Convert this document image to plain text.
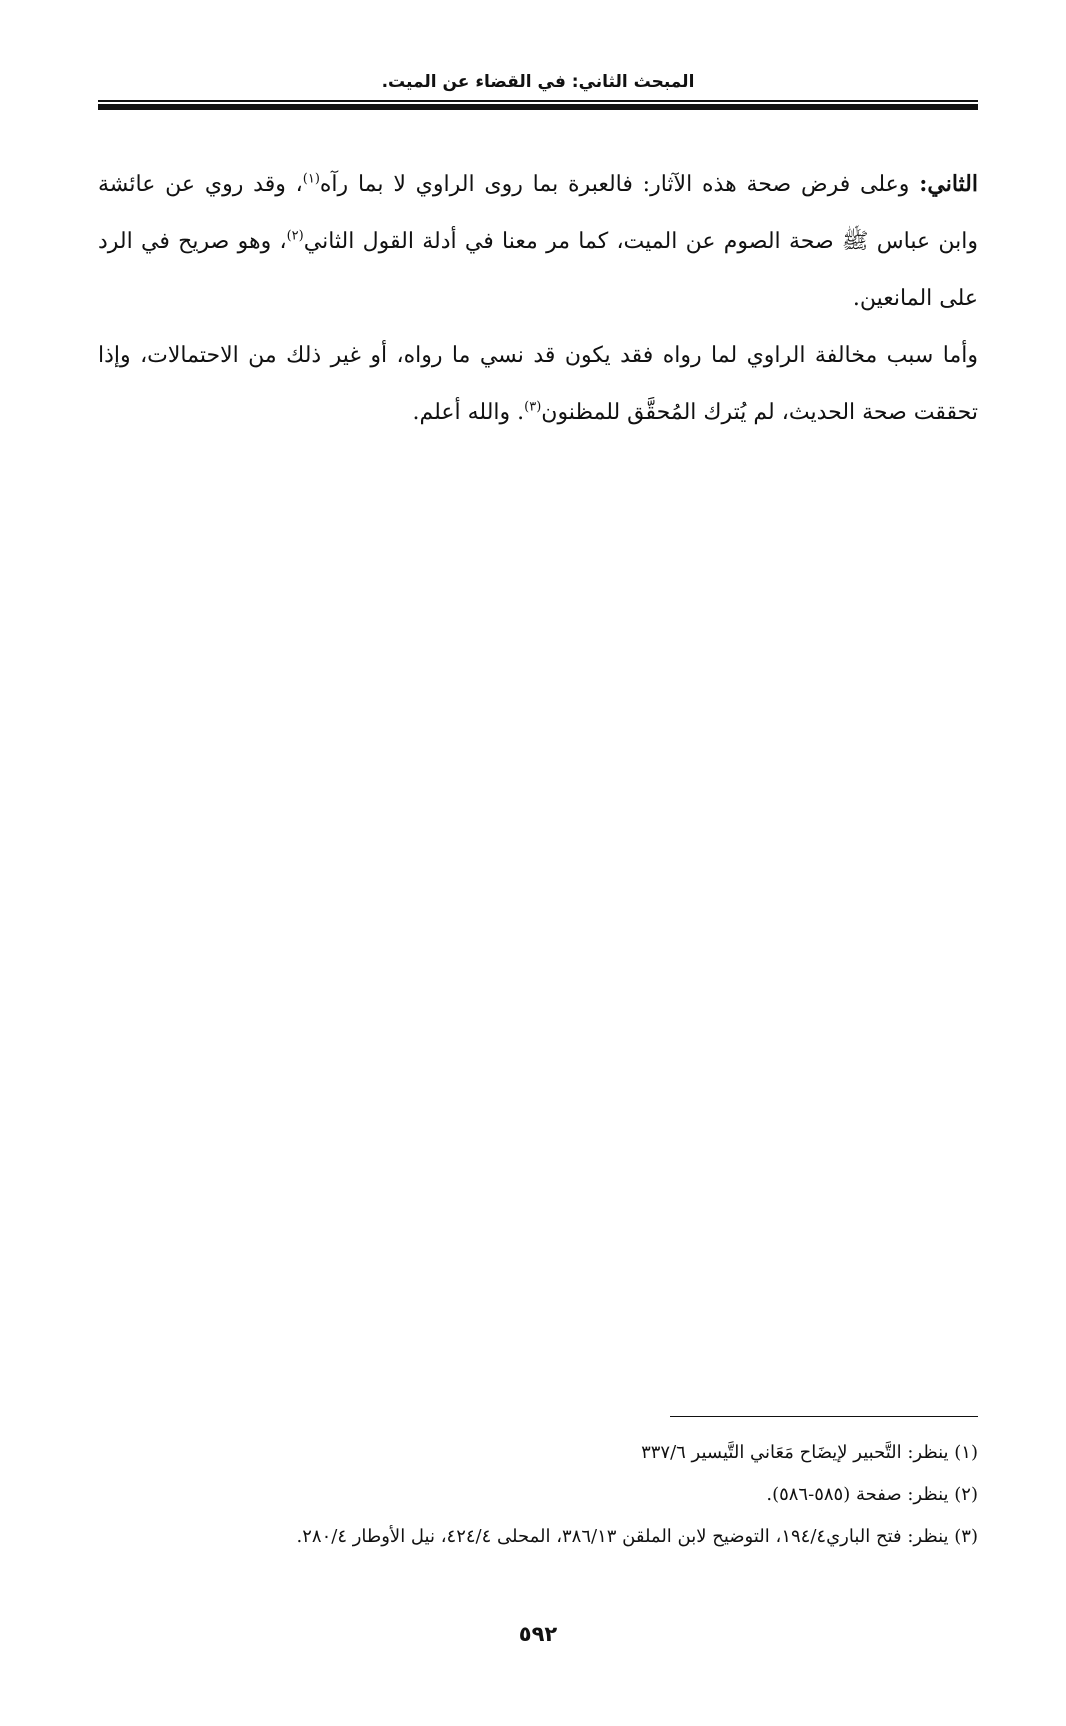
المبحث الثاني: في القضاء عن الميت.

الثاني: وعلى فرض صحة هذه الآثار: فالعبرة بما روى الراوي لا بما رآه$^{(١)}$، وقد روي عن عائشة وابن عباس ﷺ صحة الصوم عن الميت، كما مر معنا في أدلة القول الثاني$^{(٢)}$، وهو صريح في الرد على المانعين.

وأما سبب مخالفة الراوي لما رواه فقد يكون قد نسي ما رواه، أو غير ذلك من الاحتمالات، وإذا تحققت صحة الحديث، لم يُترك المُحقَّق للمظنون$^{(٣)}$. والله أعلم.

(١) ينظر: التَّحبير لإيضَاح مَعَاني التَّيسير ٣٣٧/٦

(٢) ينظر: صفحة (٥٨٥-٥٨٦).

(٣) ينظر: فتح الباري١٩٤/٤، التوضيح لابن الملقن ٣٨٦/١٣، المحلى ٤٢٤/٤، نيل الأوطار ٢٨٠/٤.

٥٩٢
